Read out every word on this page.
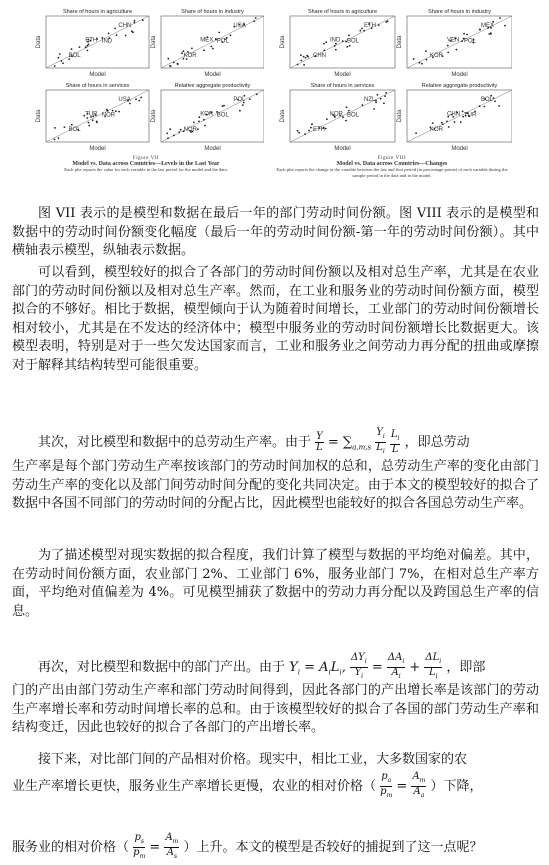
Share of hours in agriculture
BOL
ETH IND
CHN
Model
Data
Share of hours in industry
KOR
MEX POL
USA
Model
Data
Share of hours in services
BOL
TUR NOR
USA
Model
Data
Relative aggregate productivity
NOR
KOR BOL
POL
Model
Data
Figure VII
Model vs. Data across Countries—Levels in the Last Year
Each plot reports the value for each variable in the last period for the model and the data.
Share of hours in agriculture
CHN
IND BOL
ETH
Model
Data
Share of hours in industry
KOR
VEN POL
MEX
Model
Data
Share of hours in services
ETH
KOR BOL
NZL
Model
Data
Relative aggregate productivity
KOR
CHN TUR
BOL
Model
Data
Figure VIII
Model vs. Data across Countries—Changes
Each plot reports the change in the variable between the last and first period (in percentage points) of each variable during the sample period in the data and in the model.

图 VII 表示的是模型和数据在最后一年的部门劳动时间份额。图 VIII 表示的是模型和数据中的劳动时间份额变化幅度（最后一年的劳动时间份额-第一年的劳动时间份额）。其中横轴表示模型，纵轴表示数据。

可以看到，模型较好的拟合了各部门的劳动时间份额以及相对总生产率，尤其是在农业部门的劳动时间份额以及相对总生产率。然而，在工业和服务业的劳动时间份额方面，模型拟合的不够好。相比于数据，模型倾向于认为随着时间增长，工业部门的劳动时间份额增长相对较小，尤其是在不发达的经济体中；模型中服务业的劳动时间份额增长比数据更大。该模型表明，特别是对于一些欠发达国家而言，工业和服务业之间劳动力再分配的扭曲或摩擦对于解释其结构转型可能很重要。

其次，对比模型和数据中的总劳动生产率。由于 $\frac{Y}{L} = \sum_{a,m,s} \frac{Y_i}{L_i}$
$\frac{L_i}{L}$ ，即总劳动

生产率是每个部门劳动生产率按该部门的劳动时间加权的总和，总劳动生产率的变化由部门劳动生产率的变化以及部门间劳动时间分配的变化共同决定。由于本文的模型较好的拟合了数据中各国不同部门的劳动时间的分配占比，因此模型也能较好的拟合各国总劳动生产率。

为了描述模型对现实数据的拟合程度，我们计算了模型与数据的平均绝对偏差。其中，在劳动时间份额方面，农业部门 2%、工业部门 6%，服务业部门 7%，在相对总生产率方面，平均绝对值偏差为 4%。可见模型捕获了数据中的劳动力再分配以及跨国总生产率的信息。

再次，对比模型和数据中的部门产出。由于 $Y_i = A_iL_i$, $\frac{\Delta Y_i}{Y_i} = \frac{\Delta A_i}{A_i} + \frac{\Delta L_i}{L_i}$ ，即部

门的产出由部门劳动生产率和部门劳动时间得到，因此各部门的产出增长率是该部门的劳动生产率增长率和劳动时间增长率的总和。由于该模型较好的拟合了各国的部门劳动生产率和结构变迁，因此也较好的拟合了各部门的产出增长率。

接下来，对比部门间的产品相对价格。现实中，相比工业，大多数国家的农
业生产率增长更快，服务业生产率增长更慢，农业的相对价格（ $\frac{p_a}{p_m} = \frac{A_m}{A_a}$ ）下降，
服务业的相对价格（ $\frac{p_s}{p_m} = \frac{A_m}{A_s}$ ）上升。本文的模型是否较好的捕捉到了这一点呢？
